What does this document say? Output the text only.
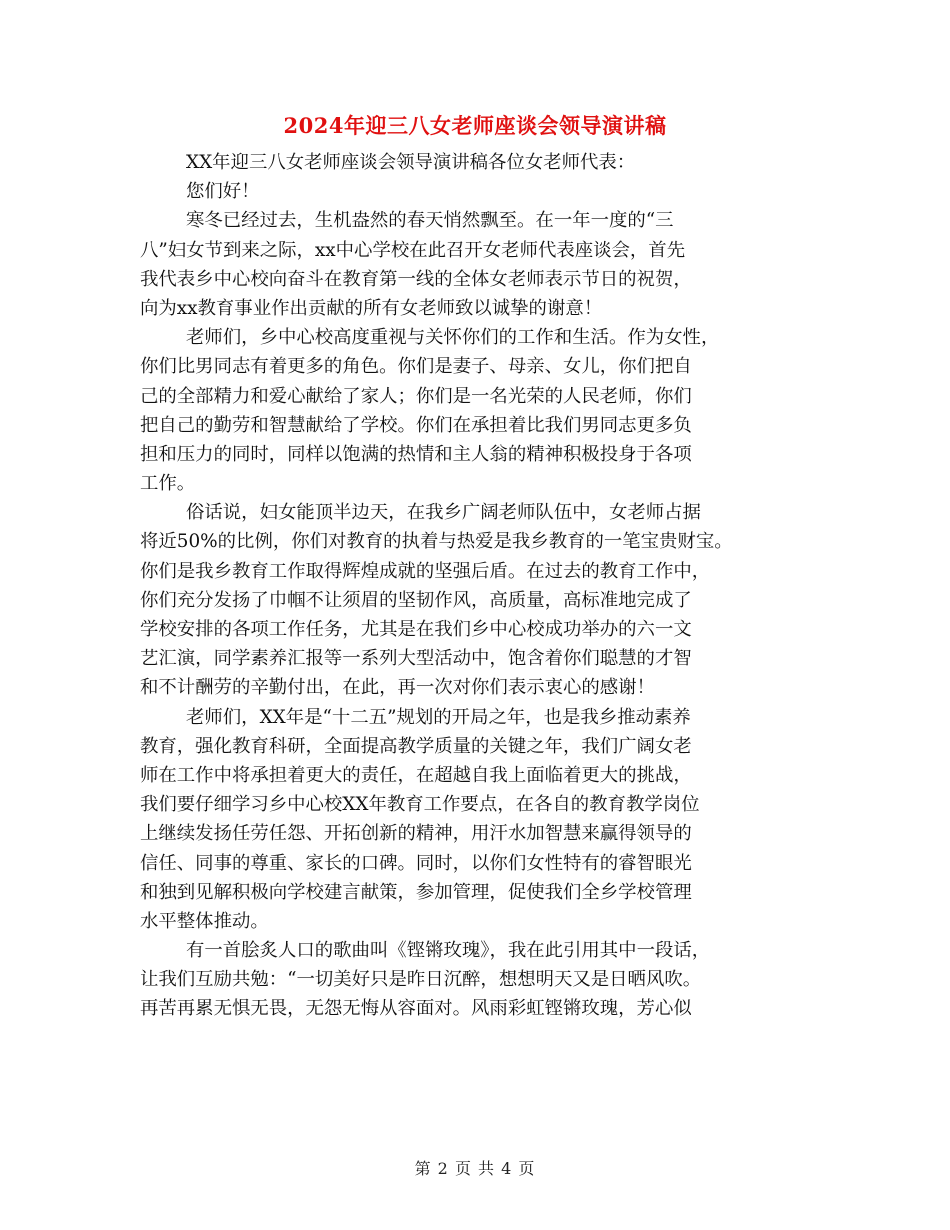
2024年迎三八女老师座谈会领导演讲稿
XX年迎三八女老师座谈会领导演讲稿各位女老师代表：
您们好！
寒冬已经过去，生机盎然的春天悄然飘至。在一年一度的“三
八”妇女节到来之际，xx中心学校在此召开女老师代表座谈会，首先
我代表乡中心校向奋斗在教育第一线的全体女老师表示节日的祝贺，
向为xx教育事业作出贡献的所有女老师致以诚挚的谢意！
老师们，乡中心校高度重视与关怀你们的工作和生活。作为女性，
你们比男同志有着更多的角色。你们是妻子、母亲、女儿，你们把自
己的全部精力和爱心献给了家人；你们是一名光荣的人民老师，你们
把自己的勤劳和智慧献给了学校。你们在承担着比我们男同志更多负
担和压力的同时，同样以饱满的热情和主人翁的精神积极投身于各项
工作。
俗话说，妇女能顶半边天，在我乡广阔老师队伍中，女老师占据
将近50%的比例，你们对教育的执着与热爱是我乡教育的一笔宝贵财宝。
你们是我乡教育工作取得辉煌成就的坚强后盾。在过去的教育工作中，
你们充分发扬了巾帼不让须眉的坚韧作风，高质量，高标准地完成了
学校安排的各项工作任务，尤其是在我们乡中心校成功举办的六一文
艺汇演，同学素养汇报等一系列大型活动中，饱含着你们聪慧的才智
和不计酬劳的辛勤付出，在此，再一次对你们表示衷心的感谢！
老师们，XX年是“十二五”规划的开局之年，也是我乡推动素养
教育，强化教育科研，全面提高教学质量的关键之年，我们广阔女老
师在工作中将承担着更大的责任，在超越自我上面临着更大的挑战，
我们要仔细学习乡中心校XX年教育工作要点，在各自的教育教学岗位
上继续发扬任劳任怨、开拓创新的精神，用汗水加智慧来赢得领导的
信任、同事的尊重、家长的口碑。同时，以你们女性特有的睿智眼光
和独到见解积极向学校建言献策，参加管理，促使我们全乡学校管理
水平整体推动。
有一首脍炙人口的歌曲叫《铿锵玫瑰》，我在此引用其中一段话，
让我们互励共勉：“一切美好只是昨日沉醉，想想明天又是日晒风吹。
再苦再累无惧无畏，无怨无悔从容面对。风雨彩虹铿锵玫瑰，芳心似
第 2 页 共 4 页
